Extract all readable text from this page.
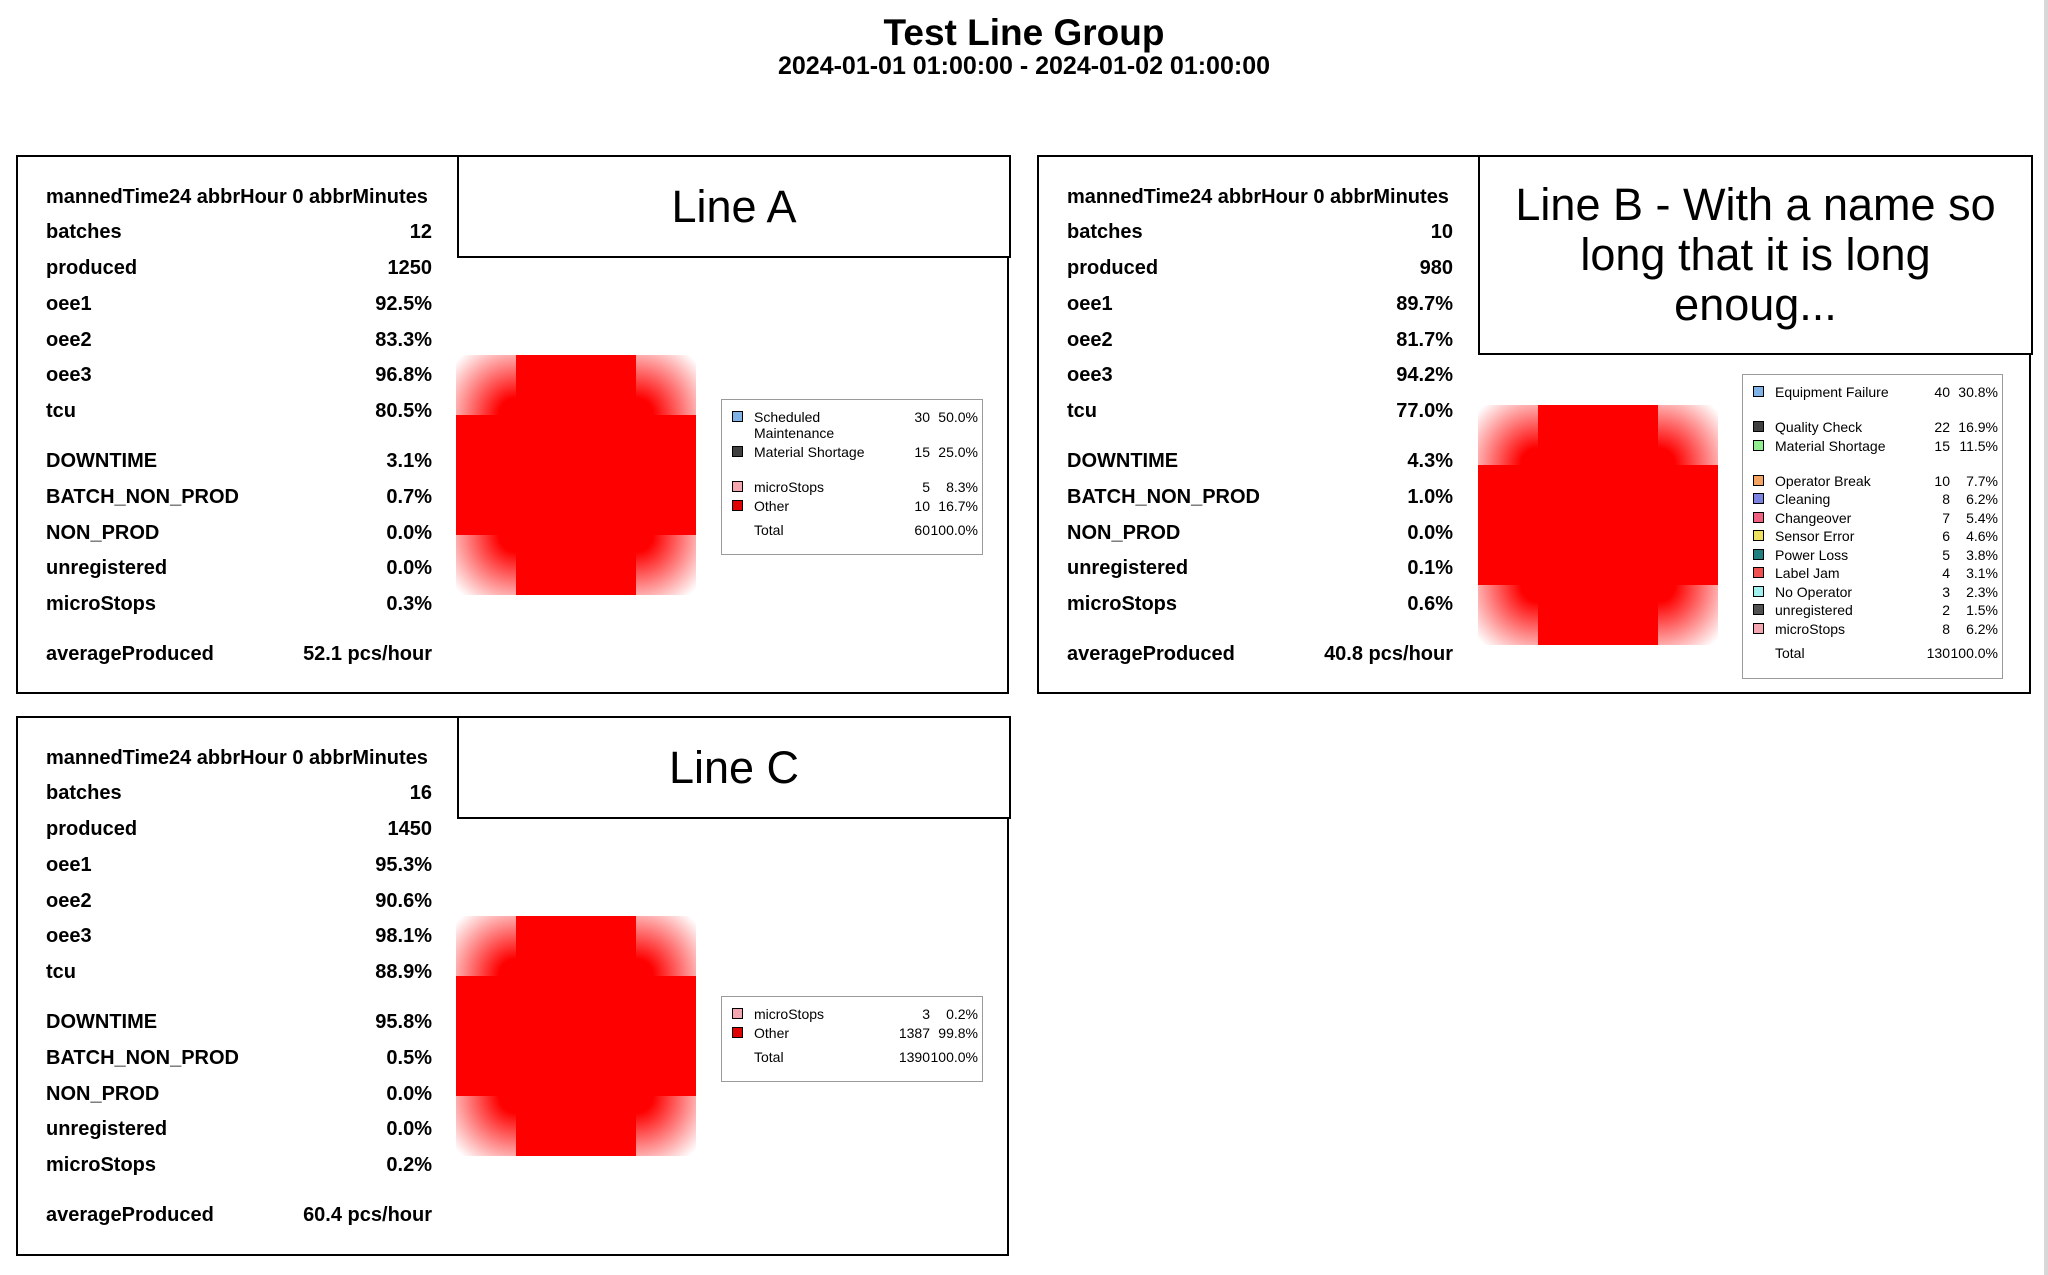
Test Line Group
2024-01-01 01:00:00 - 2024-01-02 01:00:00
mannedTime24 abbrHour 0 abbrMinutes
batches	12
produced	1250
oee1	92.5%
oee2	83.3%
oee3	96.8%
tcu	80.5%
DOWNTIME	3.1%
BATCH_NON_PROD	0.7%
NON_PROD	0.0%
unregistered	0.0%
microStops	0.3%
averageProduced	52.1 pcs/hour
Line A
Scheduled Maintenance
30 50.0%
Material Shortage	15 25.0%
microStops	5 8.3%
Other	10 16.7%
Total	60 100.0%
mannedTime24 abbrHour 0 abbrMinutes
batches	10
produced	980
oee1	89.7%
oee2	81.7%
oee3	94.2%
tcu	77.0%
DOWNTIME	4.3%
BATCH_NON_PROD	1.0%
NON_PROD	0.0%
unregistered	0.1%
microStops	0.6%
averageProduced	40.8 pcs/hour
Line B - With a name so long that it is long enoug...
Equipment Failure	40 30.8%
Quality Check	22 16.9%
Material Shortage	15 11.5%
Operator Break	10 7.7%
Cleaning	8 6.2%
Changeover	7 5.4%
Sensor Error	6 4.6%
Power Loss	5 3.8%
Label Jam	4 3.1%
No Operator	3 2.3%
unregistered	2 1.5%
microStops	8 6.2%
Total	130 100.0%
mannedTime24 abbrHour 0 abbrMinutes
batches	16
produced	1450
oee1	95.3%
oee2	90.6%
oee3	98.1%
tcu	88.9%
DOWNTIME	95.8%
BATCH_NON_PROD	0.5%
NON_PROD	0.0%
unregistered	0.0%
microStops	0.2%
averageProduced	60.4 pcs/hour
Line C
microStops	3 0.2%
Other	1387 99.8%
Total	1390 100.0%
